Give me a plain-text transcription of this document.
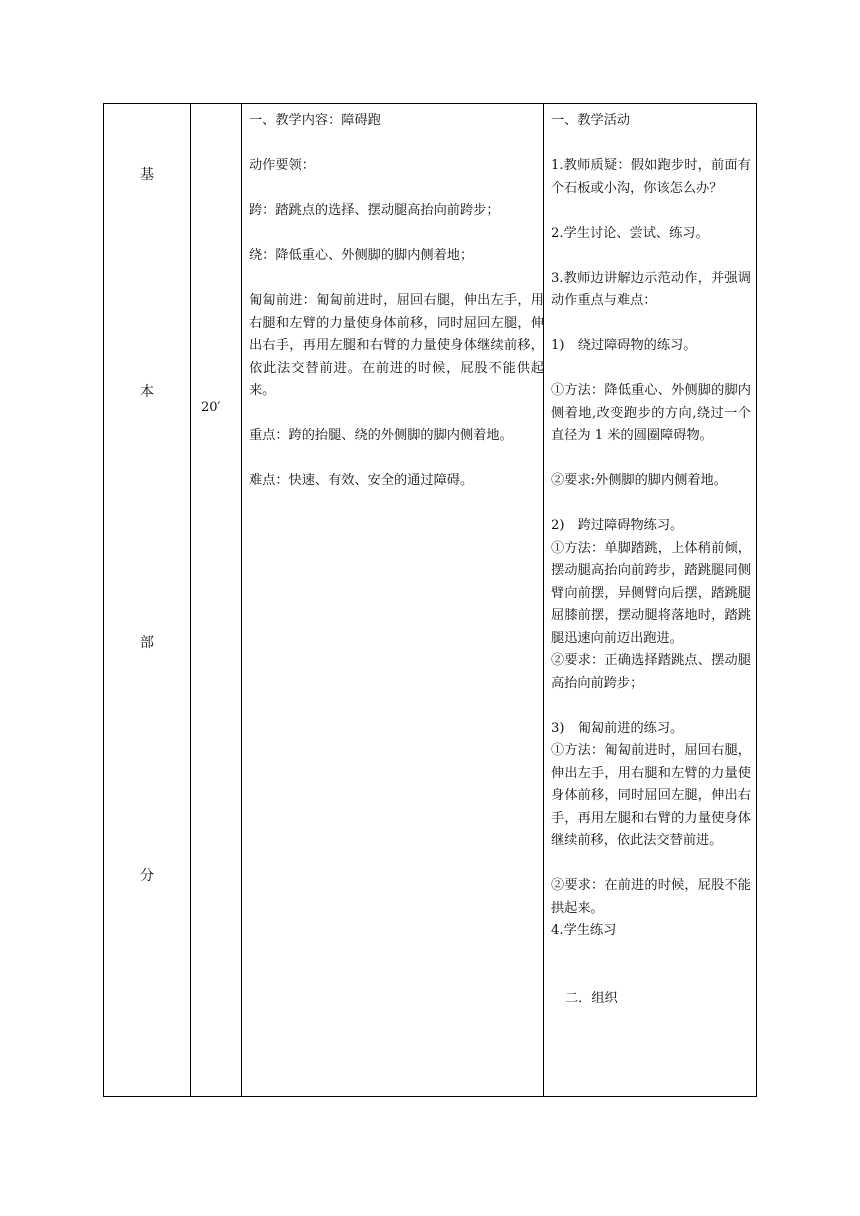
基
本
部
分
20′

一、教学内容：障碍跑

动作要领：

跨：踏跳点的选择、摆动腿高抬向前跨步；

绕：降低重心、外侧脚的脚内侧着地；

匍匐前进：匍匐前进时，屈回右腿，伸出左手，用右腿和左臂的力量使身体前移，同时屈回左腿，伸出右手，再用左腿和右臂的力量使身体继续前移，依此法交替前进。在前进的时候，屁股不能供起来。

重点：跨的抬腿、绕的外侧脚的脚内侧着地。

难点：快速、有效、安全的通过障碍。

一、教学活动

1.教师质疑：假如跑步时，前面有个石板或小沟，你该怎么办？

2.学生讨论、尝试、练习。

3.教师边讲解边示范动作，并强调动作重点与难点：

1)　绕过障碍物的练习。

①方法：降低重心、外侧脚的脚内侧着地,改变跑步的方向,绕过一个直径为 1 米的圆圈障碍物。

②要求:外侧脚的脚内侧着地。

2)　跨过障碍物练习。

①方法：单脚踏跳，上体稍前倾，摆动腿高抬向前跨步，踏跳腿同侧臂向前摆，异侧臂向后摆，踏跳腿屈膝前摆，摆动腿将落地时，踏跳腿迅速向前迈出跑进。

②要求：正确选择踏跳点、摆动腿高抬向前跨步；

3)　匍匐前进的练习。

①方法：匍匐前进时，屈回右腿，伸出左手，用右腿和左臂的力量使身体前移，同时屈回左腿，伸出右手，再用左腿和右臂的力量使身体继续前移，依此法交替前进。

②要求：在前进的时候，屁股不能拱起来。

4.学生练习

二．组织
